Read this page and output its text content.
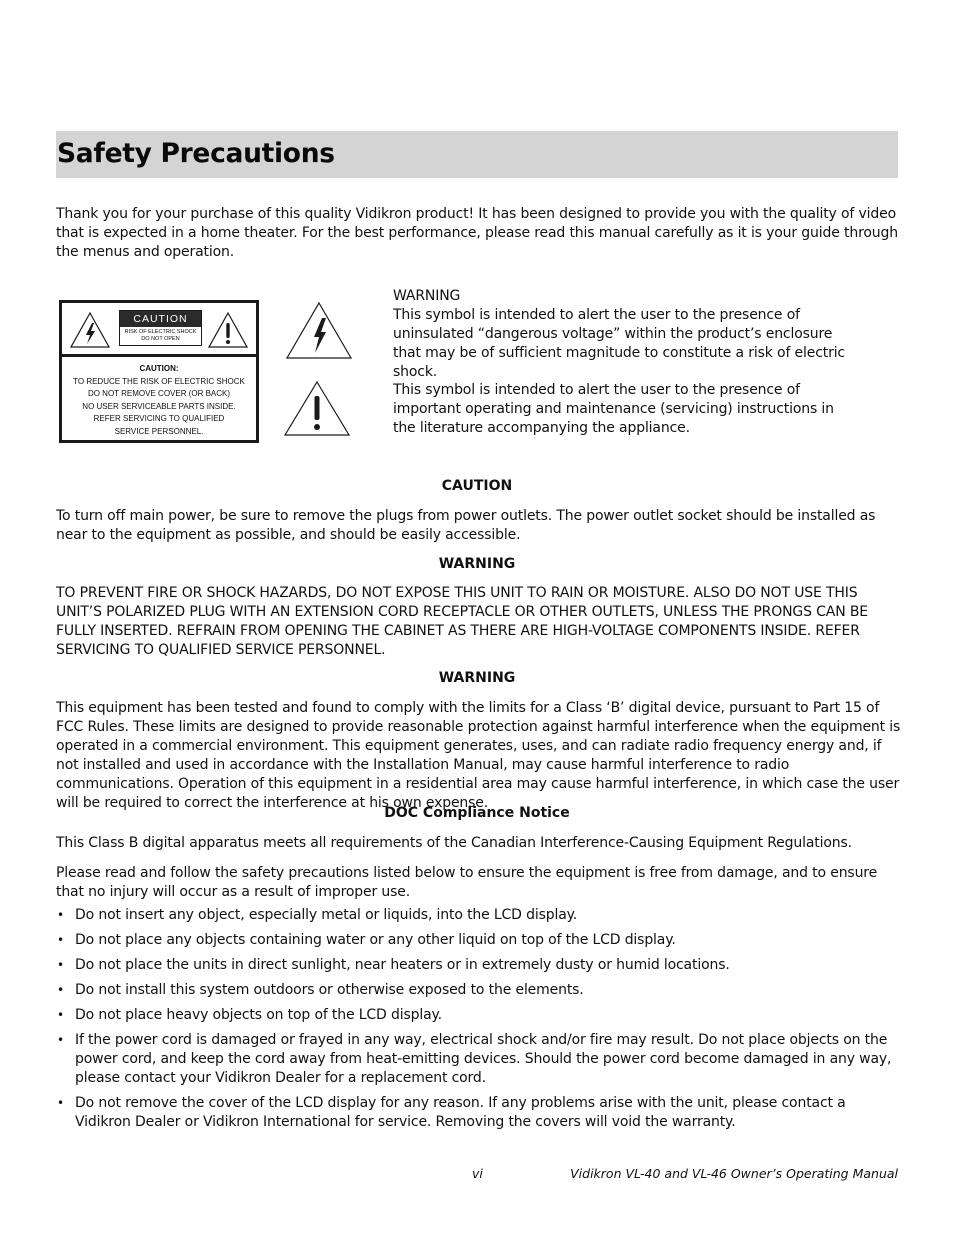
Safety Precautions
Thank you for your purchase of this quality Vidikron product! It has been designed to provide you with the quality of video that is expected in a home theater. For the best performance, please read this manual carefully as it is your guide through the menus and operation.
CAUTION
RISK OF ELECTRIC SHOCK
DO NOT OPEN
CAUTION:
TO REDUCE THE RISK OF ELECTRIC SHOCK
DO NOT REMOVE COVER (OR BACK)
NO USER SERVICEABLE PARTS INSIDE.
REFER SERVICING TO QUALIFIED
SERVICE PERSONNEL.
WARNING
This symbol is intended to alert the user to the presence of uninsulated “dangerous voltage” within the product’s enclosure that may be of sufficient magnitude to constitute a risk of electric shock.
This symbol is intended to alert the user to the presence of important operating and maintenance (servicing) instructions in the literature accompanying the appliance.
CAUTION
To turn off main power, be sure to remove the plugs from power outlets. The power outlet socket should be installed as near to the equipment as possible, and should be easily accessible.
WARNING
TO PREVENT FIRE OR SHOCK HAZARDS, DO NOT EXPOSE THIS UNIT TO RAIN OR MOISTURE. ALSO DO NOT USE THIS UNIT’S POLARIZED PLUG WITH AN EXTENSION CORD RECEPTACLE OR OTHER OUTLETS, UNLESS THE PRONGS CAN BE FULLY INSERTED. REFRAIN FROM OPENING THE CABINET AS THERE ARE HIGH-VOLTAGE COMPONENTS INSIDE. REFER SERVICING TO QUALIFIED SERVICE PERSONNEL.
WARNING
This equipment has been tested and found to comply with the limits for a Class ‘B’ digital device, pursuant to Part 15 of FCC Rules. These limits are designed to provide reasonable protection against harmful interference when the equipment is operated in a commercial environment. This equipment generates, uses, and can radiate radio frequency energy and, if not installed and used in accordance with the Installation Manual, may cause harmful interference to radio communications. Operation of this equipment in a residential area may cause harmful interference, in which case the user will be required to correct the interference at his own expense.
DOC Compliance Notice
This Class B digital apparatus meets all requirements of the Canadian Interference-Causing Equipment Regulations.
Please read and follow the safety precautions listed below to ensure the equipment is free from damage, and to ensure that no injury will occur as a result of improper use.
• Do not insert any object, especially metal or liquids, into the LCD display.
• Do not place any objects containing water or any other liquid on top of the LCD display.
• Do not place the units in direct sunlight, near heaters or in extremely dusty or humid locations.
• Do not install this system outdoors or otherwise exposed to the elements.
• Do not place heavy objects on top of the LCD display.
• If the power cord is damaged or frayed in any way, electrical shock and/or fire may result. Do not place objects on the power cord, and keep the cord away from heat-emitting devices. Should the power cord become damaged in any way, please contact your Vidikron Dealer for a replacement cord.
• Do not remove the cover of the LCD display for any reason. If any problems arise with the unit, please contact a Vidikron Dealer or Vidikron International for service. Removing the covers will void the warranty.
vi	Vidikron VL-40 and VL-46 Owner’s Operating Manual
